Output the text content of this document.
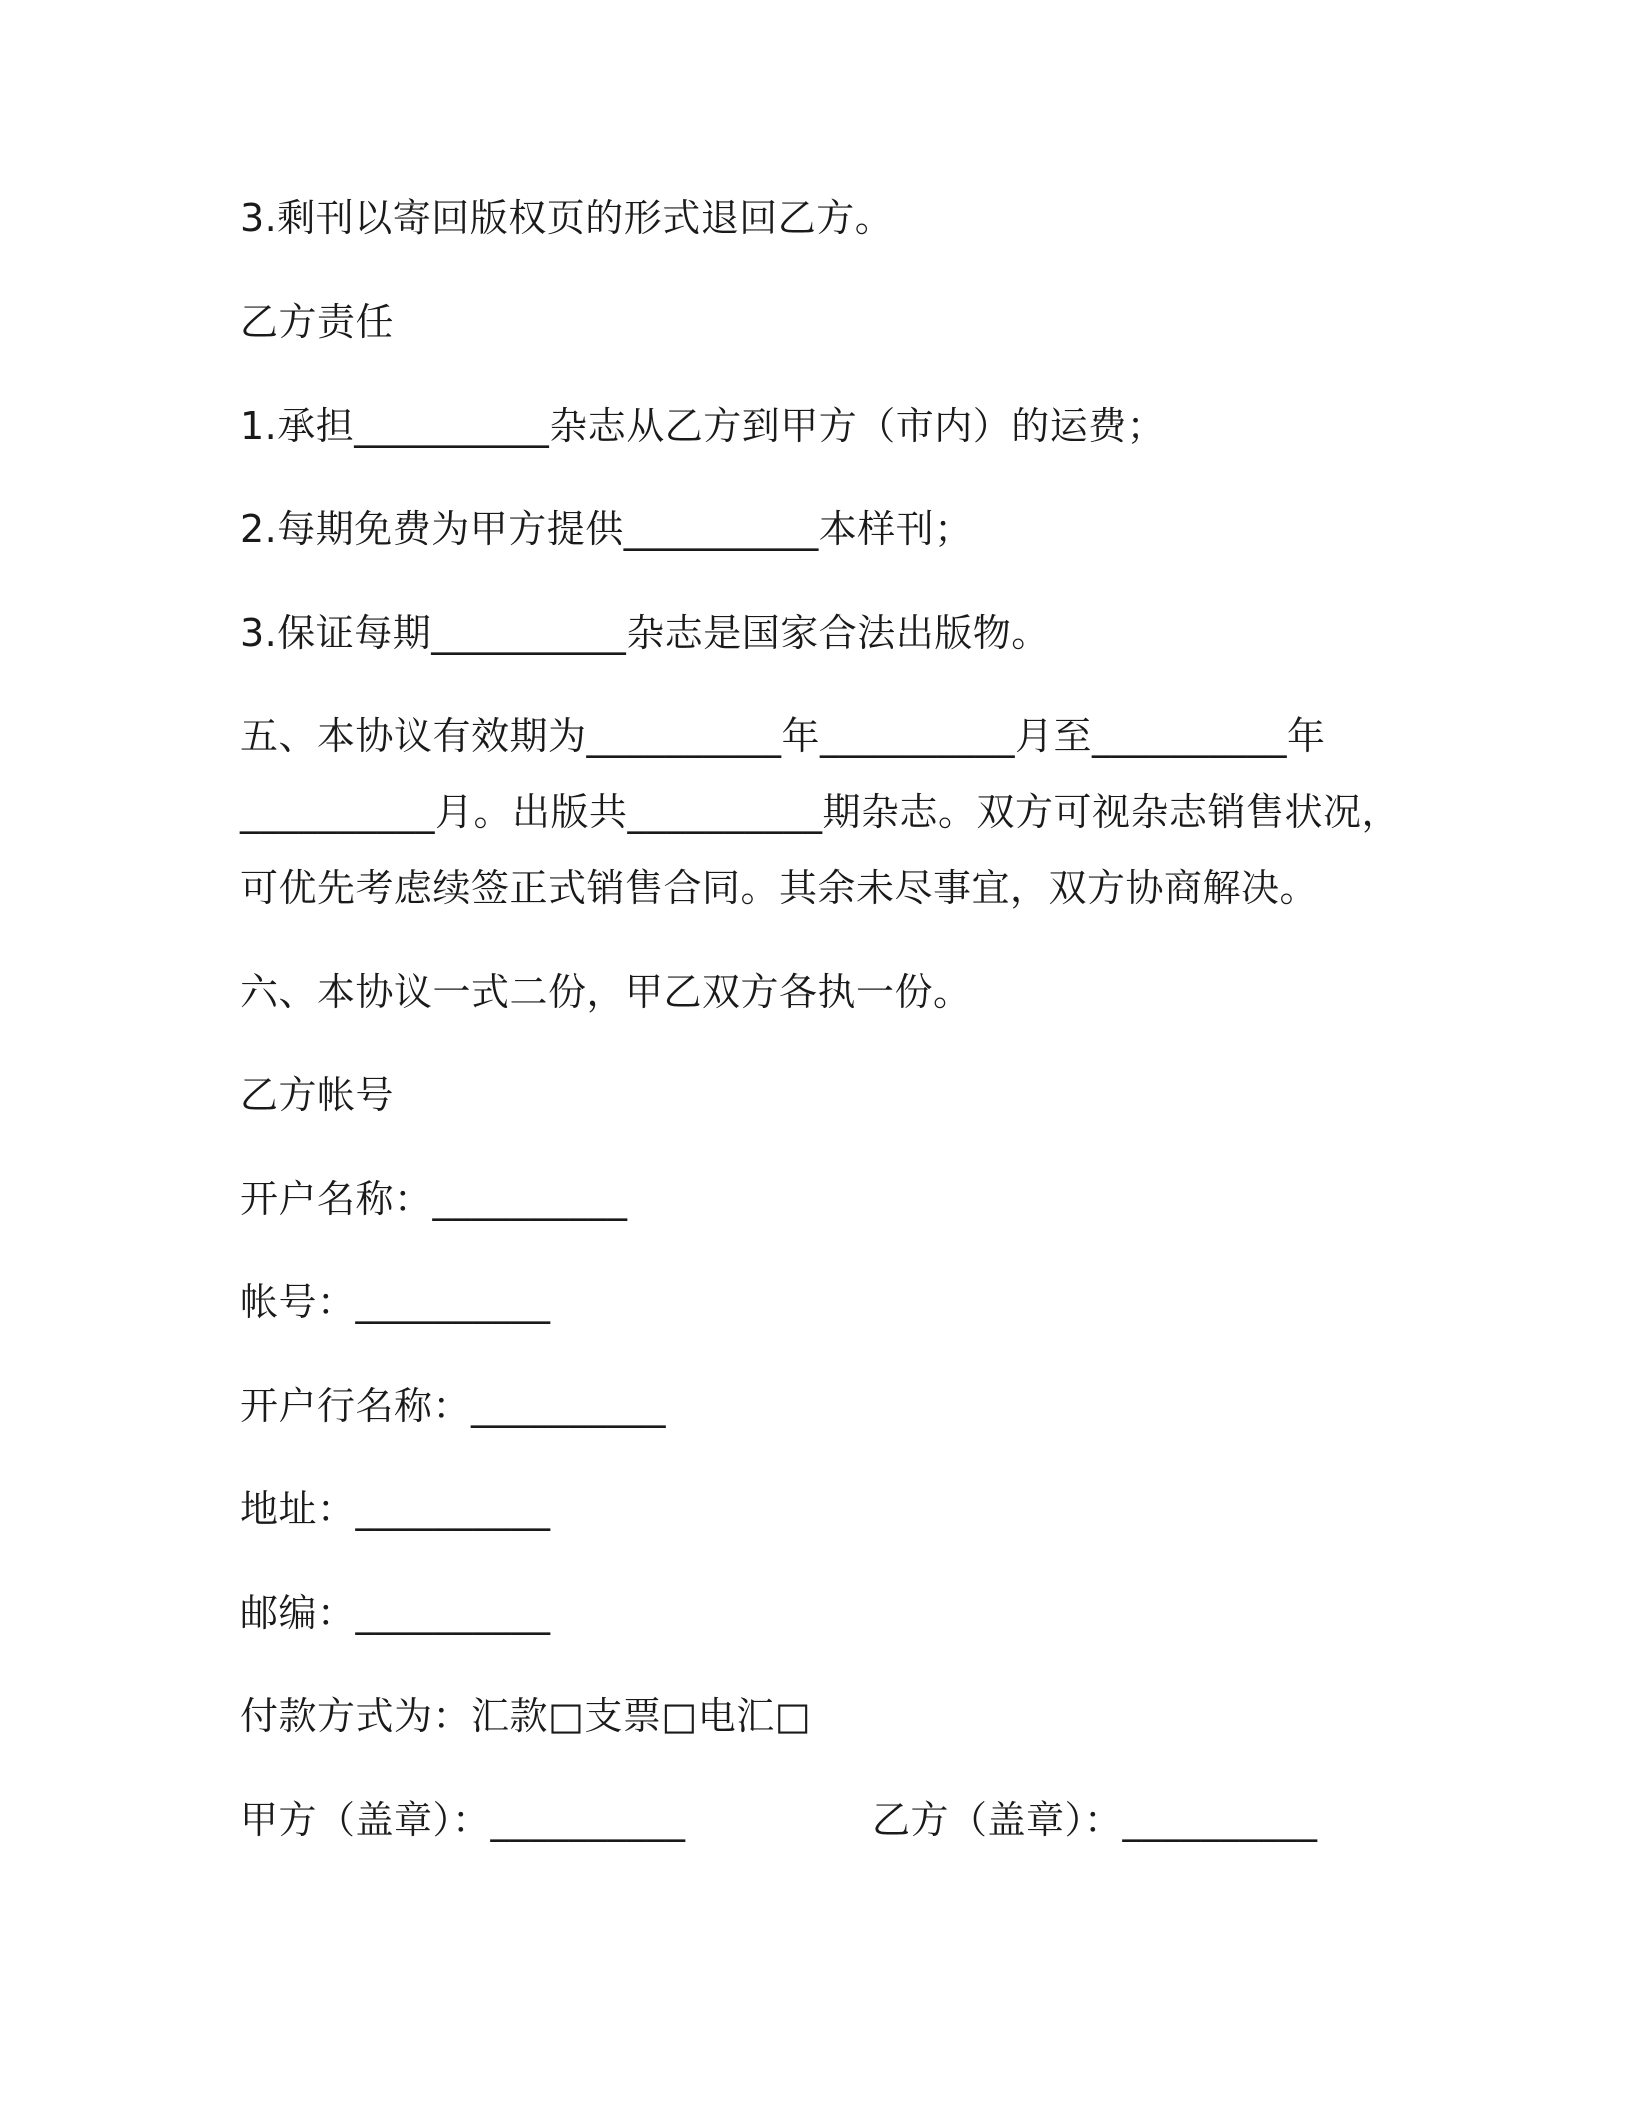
3.剩刊以寄回版权页的形式退回乙方。
乙方责任
1.承担__________杂志从乙方到甲方（市内）的运费；
2.每期免费为甲方提供__________本样刊；
3.保证每期__________杂志是国家合法出版物。
五、本协议有效期为__________年__________月至__________年
__________月。出版共__________期杂志。双方可视杂志销售状况，
可优先考虑续签正式销售合同。其余未尽事宜，双方协商解决。
六、本协议一式二份，甲乙双方各执一份。
乙方帐号
开户名称：__________
帐号：__________
开户行名称：__________
地址：__________
邮编：__________
付款方式为：汇款□支票□电汇□
甲方（盖章）：__________	乙方（盖章）：__________
